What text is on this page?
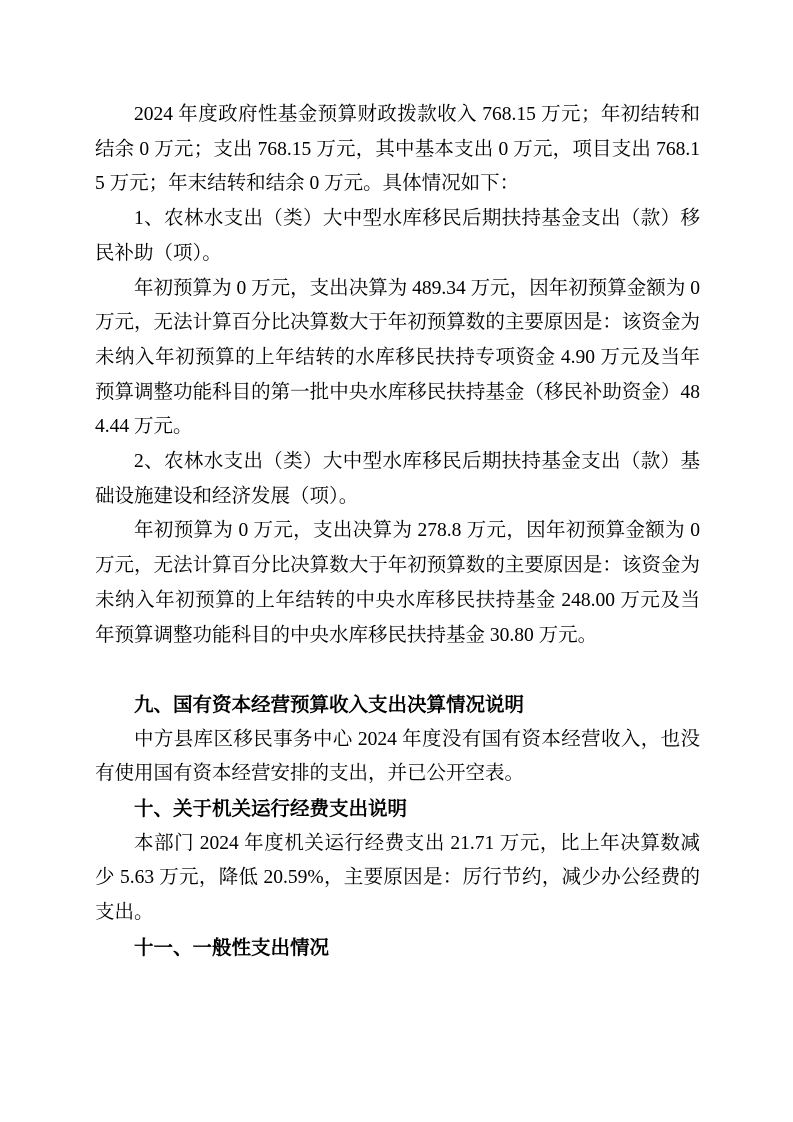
2024 年度政府性基金预算财政拨款收入 768.15 万元；年初结转和结余 0 万元；支出 768.15 万元，其中基本支出 0 万元，项目支出 768.15 万元；年末结转和结余 0 万元。具体情况如下：

1、农林水支出（类）大中型水库移民后期扶持基金支出（款）移民补助（项）。

年初预算为 0 万元，支出决算为 489.34 万元，因年初预算金额为 0 万元，无法计算百分比决算数大于年初预算数的主要原因是：该资金为未纳入年初预算的上年结转的水库移民扶持专项资金 4.90 万元及当年预算调整功能科目的第一批中央水库移民扶持基金（移民补助资金）484.44 万元。

2、农林水支出（类）大中型水库移民后期扶持基金支出（款）基础设施建设和经济发展（项）。

年初预算为 0 万元，支出决算为 278.8 万元，因年初预算金额为 0 万元，无法计算百分比决算数大于年初预算数的主要原因是：该资金为未纳入年初预算的上年结转的中央水库移民扶持基金 248.00 万元及当年预算调整功能科目的中央水库移民扶持基金 30.80 万元。

九、国有资本经营预算收入支出决算情况说明

中方县库区移民事务中心 2024 年度没有国有资本经营收入，也没有使用国有资本经营安排的支出，并已公开空表。

十、关于机关运行经费支出说明

本部门 2024 年度机关运行经费支出 21.71 万元，比上年决算数减少 5.63 万元，降低 20.59%，主要原因是：厉行节约，减少办公经费的支出。

十一、一般性支出情况
